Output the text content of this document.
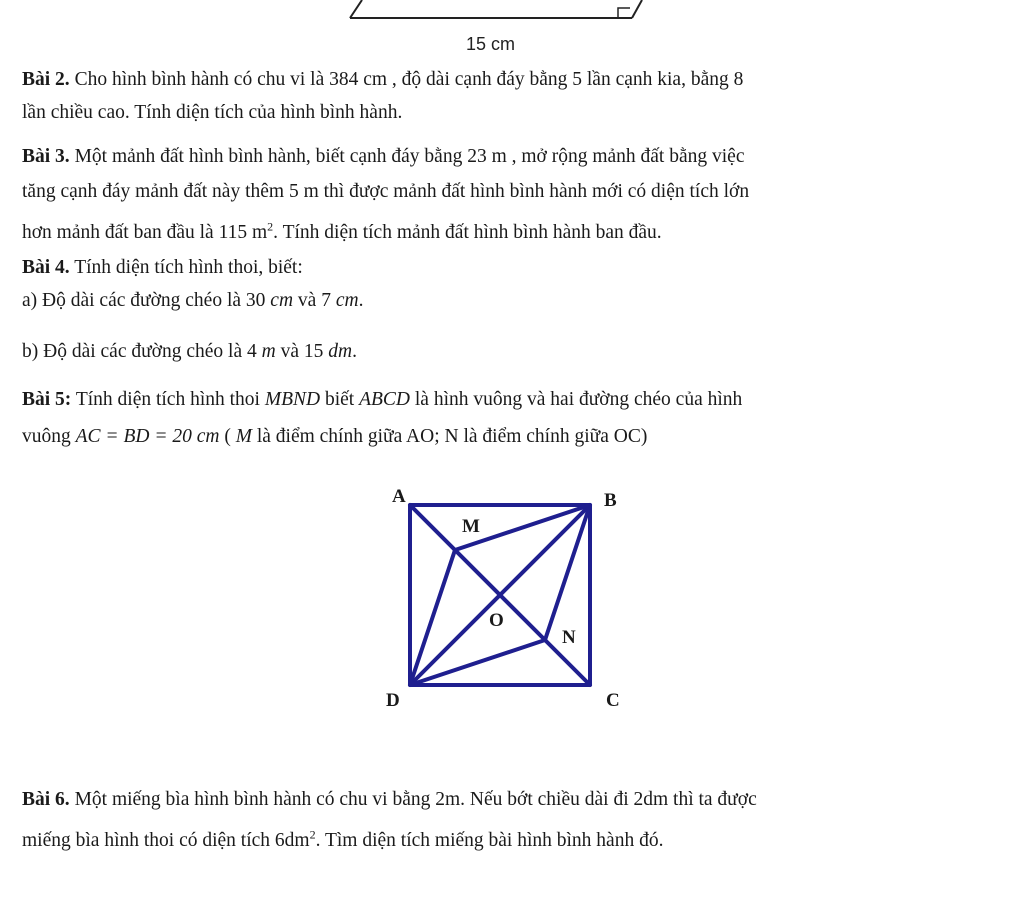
15 cm
Bài 2. Cho hình bình hành có chu vi là 384 cm , độ dài cạnh đáy bằng 5 lần cạnh kia, bằng 8
lần chiều cao. Tính diện tích của hình bình hành.
Bài 3. Một mảnh đất hình bình hành, biết cạnh đáy bằng 23 m , mở rộng mảnh đất bằng việc
tăng cạnh đáy mảnh đất này thêm 5 m thì được mảnh đất hình bình hành mới có diện tích lớn
hơn mảnh đất ban đầu là 115 $m^2$. Tính diện tích mảnh đất hình bình hành ban đầu.
Bài 4. Tính diện tích hình thoi, biết:
a) Độ dài các đường chéo là 30 cm và 7 cm.
b) Độ dài các đường chéo là 4 m và 15 dm.
Bài 5: Tính diện tích hình thoi MBND biết ABCD là hình vuông và hai đường chéo của hình
vuông AC = BD = 20 cm ( M là điểm chính giữa AO; N là điểm chính giữa OC)
A	B
C
D
M
N
O
Bài 6. Một miếng bìa hình bình hành có chu vi bằng 2m. Nếu bớt chiều dài đi 2dm thì ta được
miếng bìa hình thoi có diện tích $6dm^2$. Tìm diện tích miếng bài hình bình hành đó.
